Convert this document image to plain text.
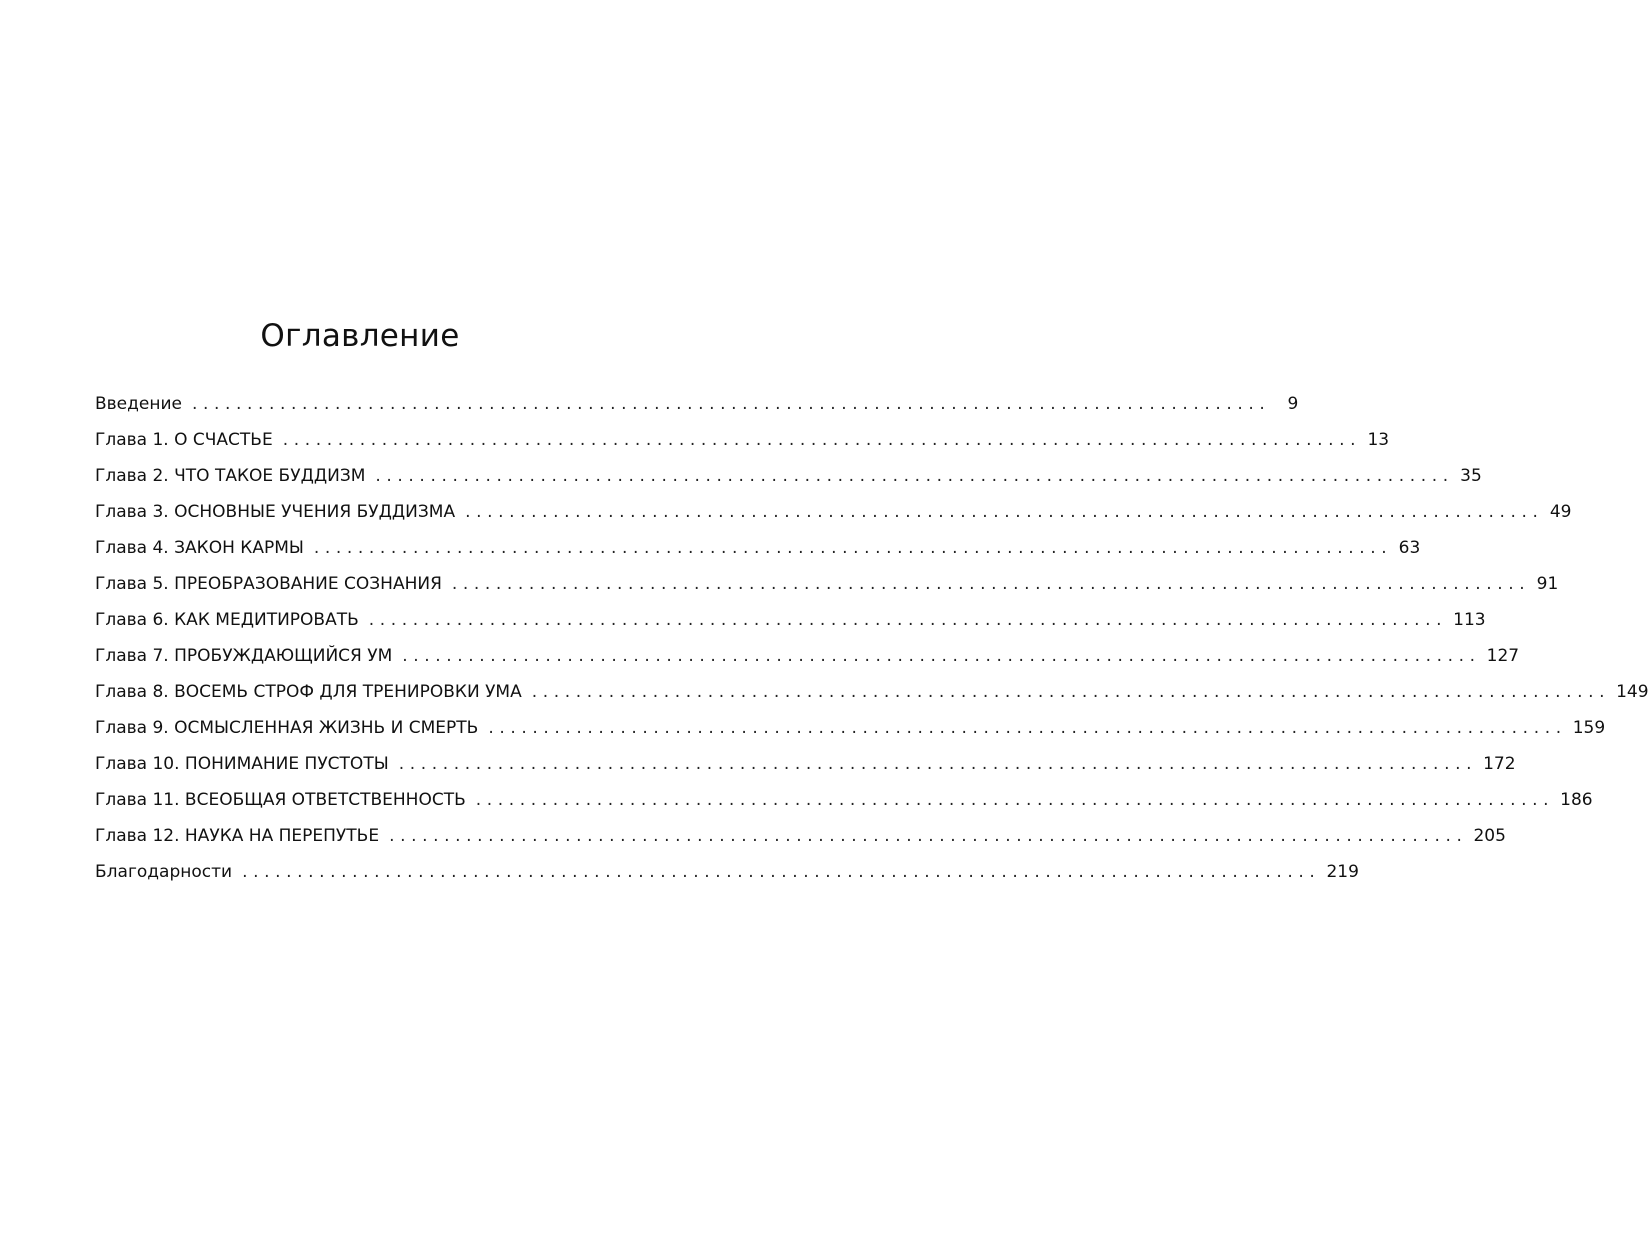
Оглавление
Введение ..................................................................................................	9
Глава 1. О СЧАСТЬЕ .................................................................................................. 13
Глава 2. ЧТО ТАКОЕ БУДДИЗМ .................................................................................................. 35
Глава 3. ОСНОВНЫЕ УЧЕНИЯ БУДДИЗМА .................................................................................................. 49
Глава 4. ЗАКОН КАРМЫ .................................................................................................. 63
Глава 5. ПРЕОБРАЗОВАНИЕ СОЗНАНИЯ .................................................................................................. 91
Глава 6. КАК МЕДИТИРОВАТЬ .................................................................................................. 113
Глава 7. ПРОБУЖДАЮЩИЙСЯ УМ .................................................................................................. 127
Глава 8. ВОСЕМЬ СТРОФ ДЛЯ ТРЕНИРОВКИ УМА .................................................................................................. 149
Глава 9. ОСМЫСЛЕННАЯ ЖИЗНЬ И СМЕРТЬ .................................................................................................. 159
Глава 10. ПОНИМАНИЕ ПУСТОТЫ .................................................................................................. 172
Глава 11. ВСЕОБЩАЯ ОТВЕТСТВЕННОСТЬ .................................................................................................. 186
Глава 12. НАУКА НА ПЕРЕПУТЬЕ .................................................................................................. 205
Благодарности .................................................................................................. 219
